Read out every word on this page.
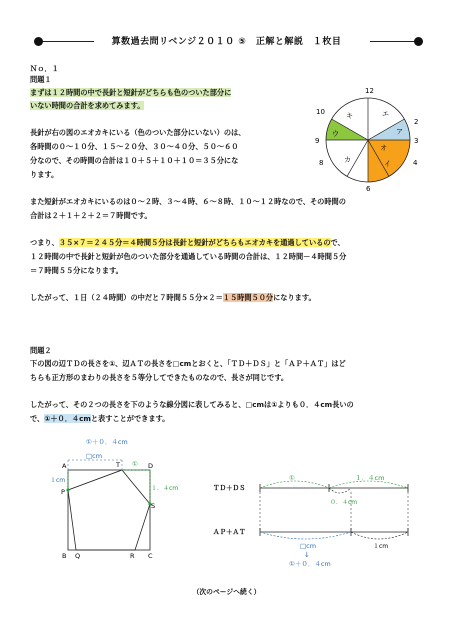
算数過去問リベンジ２０１０ ⑤　正解と解説　１枚目
Ｎｏ．１
問題１
まずは１２時間の中で長針と短針がどちらも色のついた部分に
いない時間の合計を求めてみます。
長針が右の図のエオカキにいる（色のついた部分にいない）のは、
各時間の０～１０分、１５～２０分、３０～４０分、５０～６０
分なので、その時間の合計は１０＋５＋１０＋１０＝３５分にな
ります。
また短針がエオカキにいるのは０～２時、３～４時、６～８時、１０～１２時なので、その時間の
合計は２＋１＋２＋２＝７時間です。
つまり、３５×７＝２４５分＝４時間５分は長針と短針がどちらもエオカキを通過しているので、
１２時間の中で長針と短針が色のついた部分を通過している時間の合計は、１２時間－４時間５分
＝７時間５５分になります。
したがって、１日（２４時間）の中だと７時間５５分×２＝１５時間５０分になります。
12
3
6
9
10
2
4
8
キ	エ
ア
オ
ウ
カ	イ
問題２
下の図の辺ＴＤの長さを①、辺ＡＴの長さを□cmとおくと、「ＴＤ＋ＤＳ」と「ＡＰ＋ＡＴ」はど
ちらも正方形のまわりの長さを５等分してできたものなので、長さが同じです。
したがって、その２つの長さを下のような線分図に表してみると、□cmは①よりも０．４cm長いの
で、①＋０．４cmと表すことができます。
①＋０．４cm
□cm
①
１cm
１．４cm
A	T	D
P
S
B Q	R C
ＴＤ＋ＤＳ
①	１．４cm
０．４cm
ＡＰ＋ＡＴ
□cm	１cm
↓
①＋０．４cm
（次のページへ続く）
